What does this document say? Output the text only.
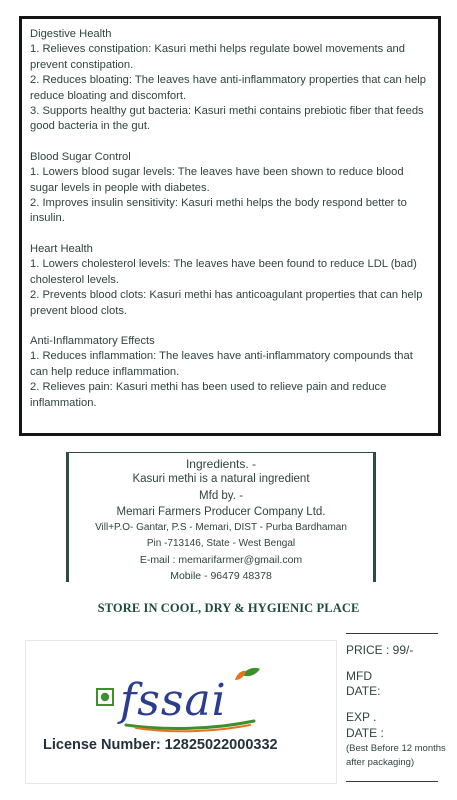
Digestive Health

1. Relieves constipation: Kasuri methi helps regulate bowel movements and prevent constipation.

2. Reduces bloating: The leaves have anti-inflammatory properties that can help reduce bloating and discomfort.

3. Supports healthy gut bacteria: Kasuri methi contains prebiotic fiber that feeds good bacteria in the gut.

Blood Sugar Control

1. Lowers blood sugar levels: The leaves have been shown to reduce blood sugar levels in people with diabetes.

2. Improves insulin sensitivity: Kasuri methi helps the body respond better to insulin.

Heart Health

1. Lowers cholesterol levels: The leaves have been found to reduce LDL (bad) cholesterol levels.

2. Prevents blood clots: Kasuri methi has anticoagulant properties that can help prevent blood clots.

Anti-Inflammatory Effects

1. Reduces inflammation: The leaves have anti-inflammatory compounds that can help reduce inflammation.

2. Relieves pain: Kasuri methi has been used to relieve pain and reduce inflammation.

Ingredients. -
Kasuri methi is a natural ingredient
Mfd by. -
Memari Farmers Producer Company Ltd.
Vill+P.O- Gantar, P.S - Memari, DIST - Purba Bardhaman
Pin -713146, State - West Bengal
E-mail : memarifarmer@gmail.com
Mobile - 96479 48378
STORE IN COOL, DRY & HYGIENIC PLACE
fssai
License Number: 12825022000332
PRICE : 99/-
MFD
DATE:
EXP .
DATE :
(Best Before 12 months
after packaging)
